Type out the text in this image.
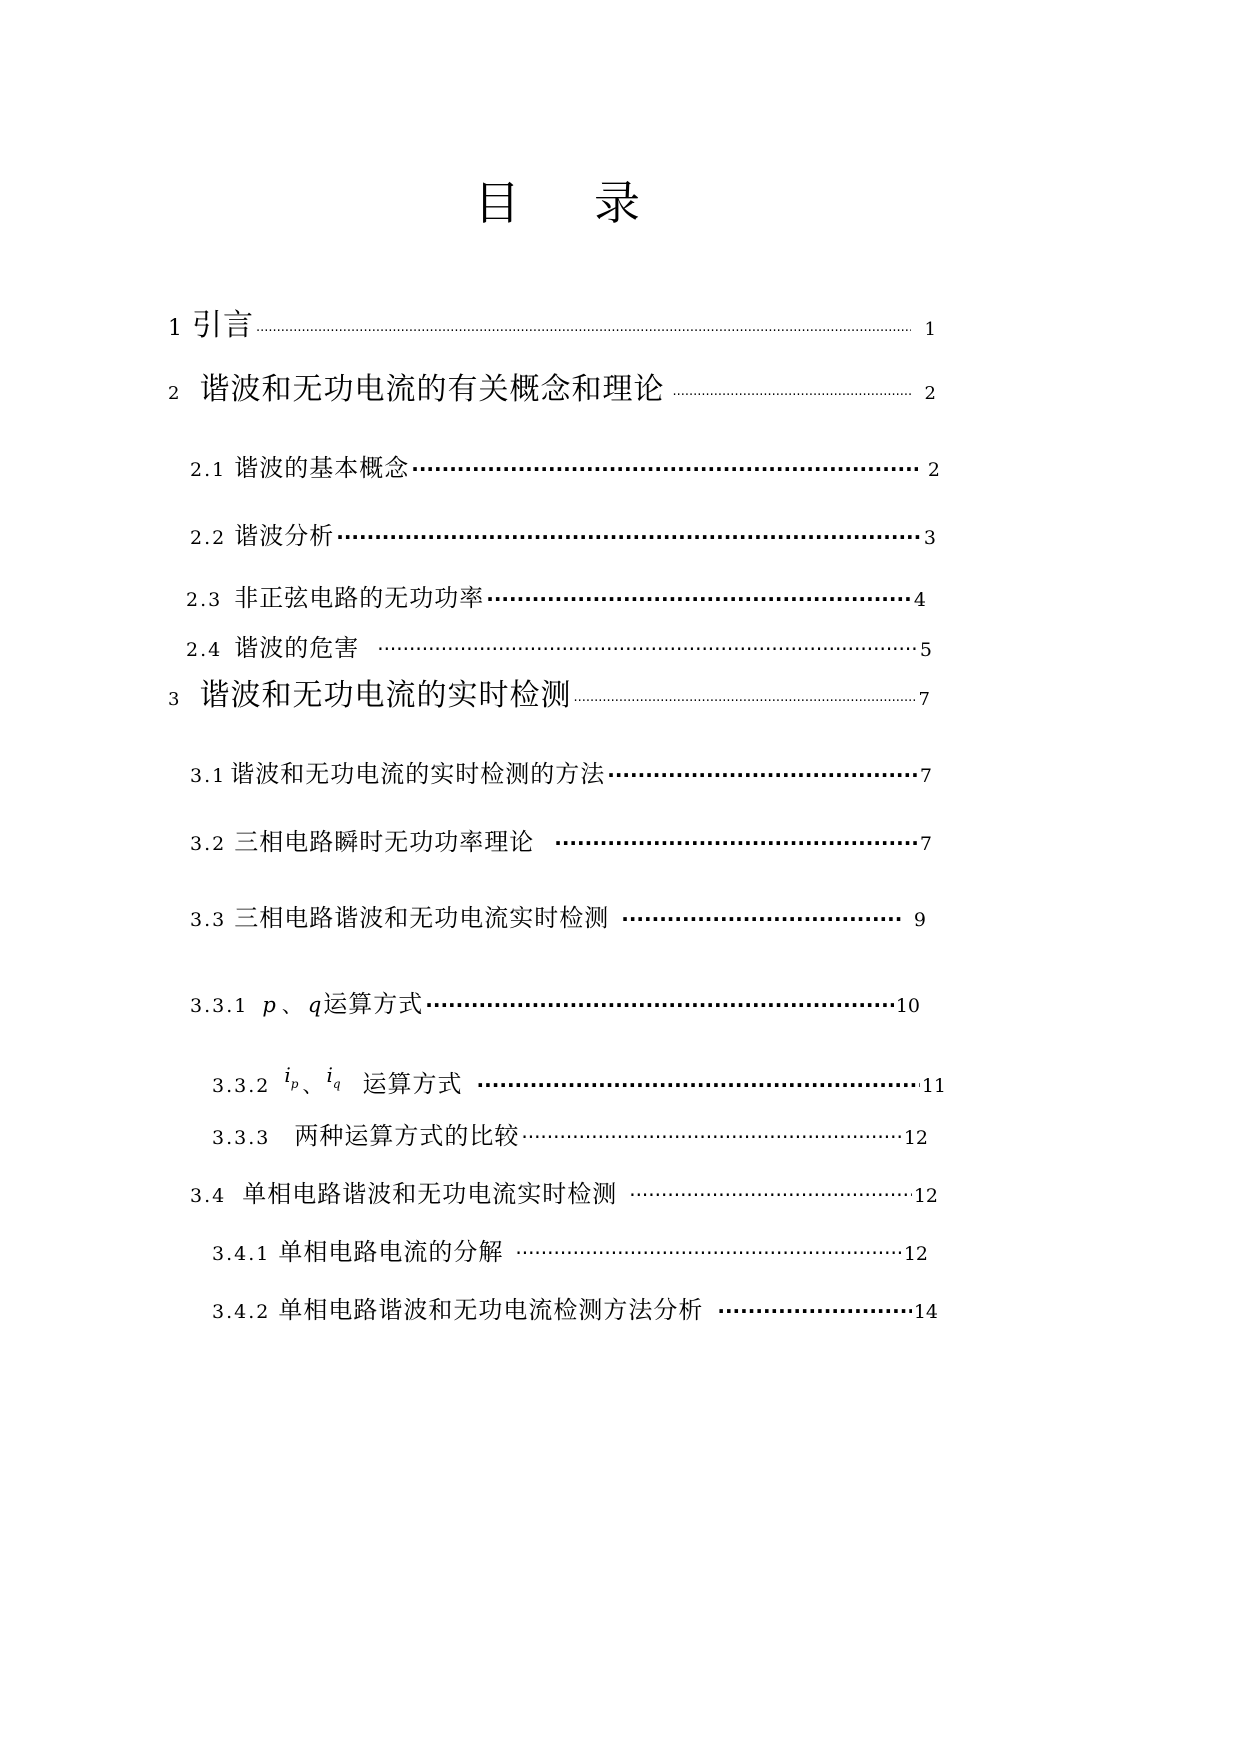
目 录
1 引言 ·····	1
2 谐波和无功电流的有关概念和理论 ·····	2
2.1 谐波的基本概念 ·····	2
2.2 谐波分析 ·····	3
2.3 非正弦电路的无功功率 ·····	4
2.4 谐波的危害 ·····	5
3 谐波和无功电流的实时检测 ·····	7
3.1 谐波和无功电流的实时检测的方法 ·····	7
3.2 三相电路瞬时无功功率理论 ·····	7
3.3 三相电路谐波和无功电流实时检测 ·····	9
3.3.1 p 、 q 运算方式 ·····	10
3.3.2 i p 、 i q 运算方式 ·····	11
3.3.3 两种运算方式的比较 ·····	12
3.4 单相电路谐波和无功电流实时检测 ·····	12
3.4.1 单相电路电流的分解 ·····	12
3.4.2 单相电路谐波和无功电流检测方法分析 ·····	14
